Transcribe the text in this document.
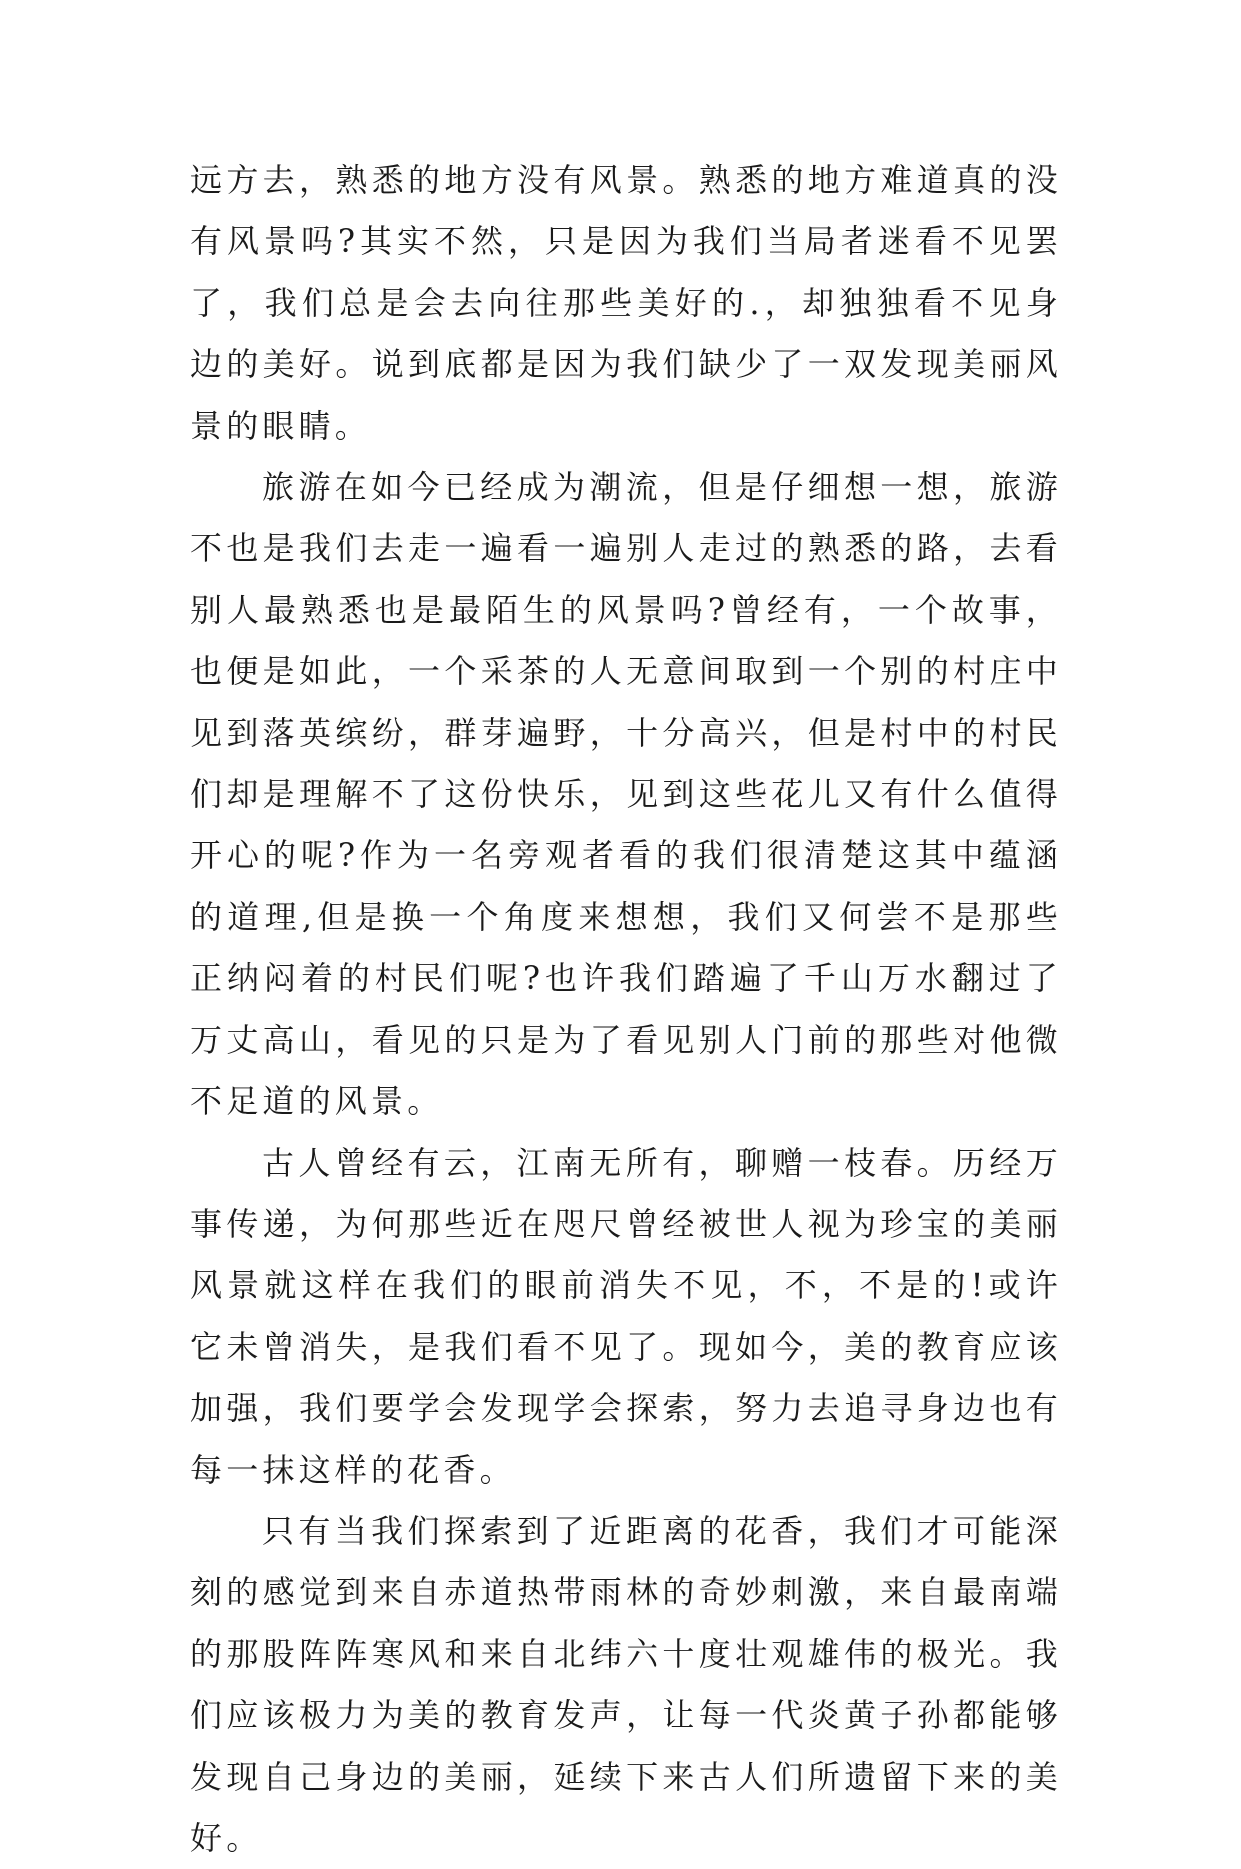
远方去，熟悉的地方没有风景。熟悉的地方难道真的没有风景吗?其实不然，只是因为我们当局者迷看不见罢了，我们总是会去向往那些美好的.，却独独看不见身边的美好。说到底都是因为我们缺少了一双发现美丽风景的眼睛。

旅游在如今已经成为潮流，但是仔细想一想，旅游不也是我们去走一遍看一遍别人走过的熟悉的路，去看别人最熟悉也是最陌生的风景吗?曾经有，一个故事，也便是如此，一个采茶的人无意间取到一个别的村庄中见到落英缤纷，群芽遍野，十分高兴，但是村中的村民们却是理解不了这份快乐，见到这些花儿又有什么值得开心的呢?作为一名旁观者看的我们很清楚这其中蕴涵的道理,但是换一个角度来想想，我们又何尝不是那些正纳闷着的村民们呢?也许我们踏遍了千山万水翻过了万丈高山，看见的只是为了看见别人门前的那些对他微不足道的风景。

古人曾经有云，江南无所有，聊赠一枝春。历经万事传递，为何那些近在咫尺曾经被世人视为珍宝的美丽风景就这样在我们的眼前消失不见，不，不是的!或许它未曾消失，是我们看不见了。现如今，美的教育应该加强，我们要学会发现学会探索，努力去追寻身边也有每一抹这样的花香。

只有当我们探索到了近距离的花香，我们才可能深刻的感觉到来自赤道热带雨林的奇妙刺激，来自最南端的那股阵阵寒风和来自北纬六十度壮观雄伟的极光。我们应该极力为美的教育发声，让每一代炎黄子孙都能够发现自己身边的美丽，延续下来古人们所遗留下来的美好。
